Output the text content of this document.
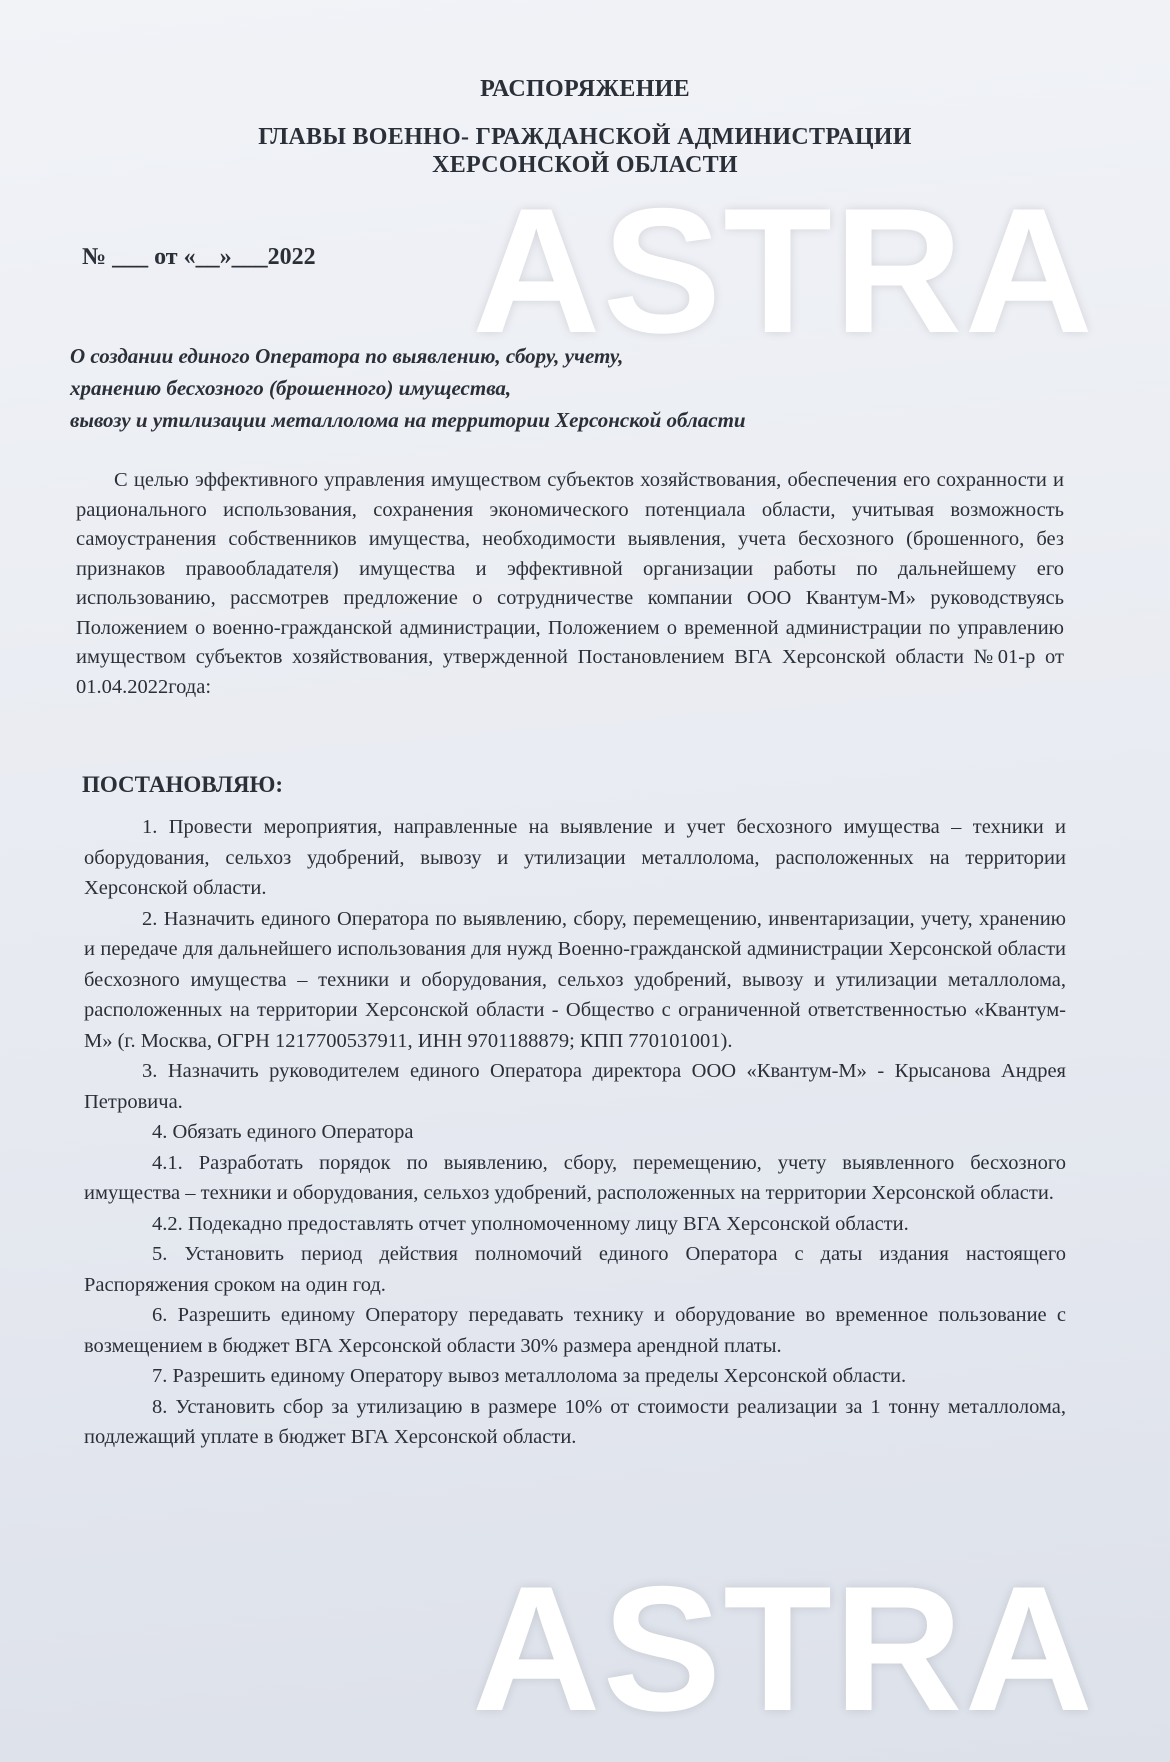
РАСПОРЯЖЕНИЕ
ГЛАВЫ ВОЕННО- ГРАЖДАНСКОЙ АДМИНИСТРАЦИИ
ХЕРСОНСКОЙ ОБЛАСТИ
№ ___ от «__»___2022
О создании единого Оператора по выявлению, сбору, учету,
хранению бесхозного (брошенного) имущества,
вывозу и утилизации металлолома на территории Херсонской области

С целью эффективного управления имуществом субъектов хозяйствования, обеспечения его сохранности и рационального использования, сохранения экономического потенциала области, учитывая возможность самоустранения собственников имущества, необходимости выявления, учета бесхозного (брошенного, без признаков правообладателя) имущества и эффективной организации работы по дальнейшему его использованию, рассмотрев предложение о сотрудничестве компании ООО Квантум-М» руководствуясь Положением о военно-гражданской администрации, Положением о временной администрации по управлению имуществом субъектов хозяйствования, утвержденной Постановлением ВГА Херсонской области №01-р от 01.04.2022года:

ПОСТАНОВЛЯЮ:

1. Провести мероприятия, направленные на выявление и учет бесхозного имущества – техники и оборудования, сельхоз удобрений, вывозу и утилизации металлолома, расположенных на территории Херсонской области.

2. Назначить единого Оператора по выявлению, сбору, перемещению, инвентаризации, учету, хранению и передаче для дальнейшего использования для нужд Военно-гражданской администрации Херсонской области бесхозного имущества – техники и оборудования, сельхоз удобрений, вывозу и утилизации металлолома, расположенных на территории Херсонской области - Общество с ограниченной ответственностью «Квантум-М» (г. Москва, ОГРН 1217700537911, ИНН 9701188879; КПП 770101001).

3. Назначить руководителем единого Оператора директора ООО «Квантум-М» - Крысанова Андрея Петровича.

4. Обязать единого Оператора

4.1. Разработать порядок по выявлению, сбору, перемещению, учету выявленного бесхозного имущества – техники и оборудования, сельхоз удобрений, расположенных на территории Херсонской области.

4.2. Подекадно предоставлять отчет уполномоченному лицу ВГА Херсонской области.

5. Установить период действия полномочий единого Оператора с даты издания настоящего Распоряжения сроком на один год.

6. Разрешить единому Оператору передавать технику и оборудование во временное пользование с возмещением в бюджет ВГА Херсонской области 30% размера арендной платы.

7. Разрешить единому Оператору вывоз металлолома за пределы Херсонской области.

8. Установить сбор за утилизацию в размере 10% от стоимости реализации за 1 тонну металлолома, подлежащий уплате в бюджет ВГА Херсонской области.

ASTRA
ASTRA
